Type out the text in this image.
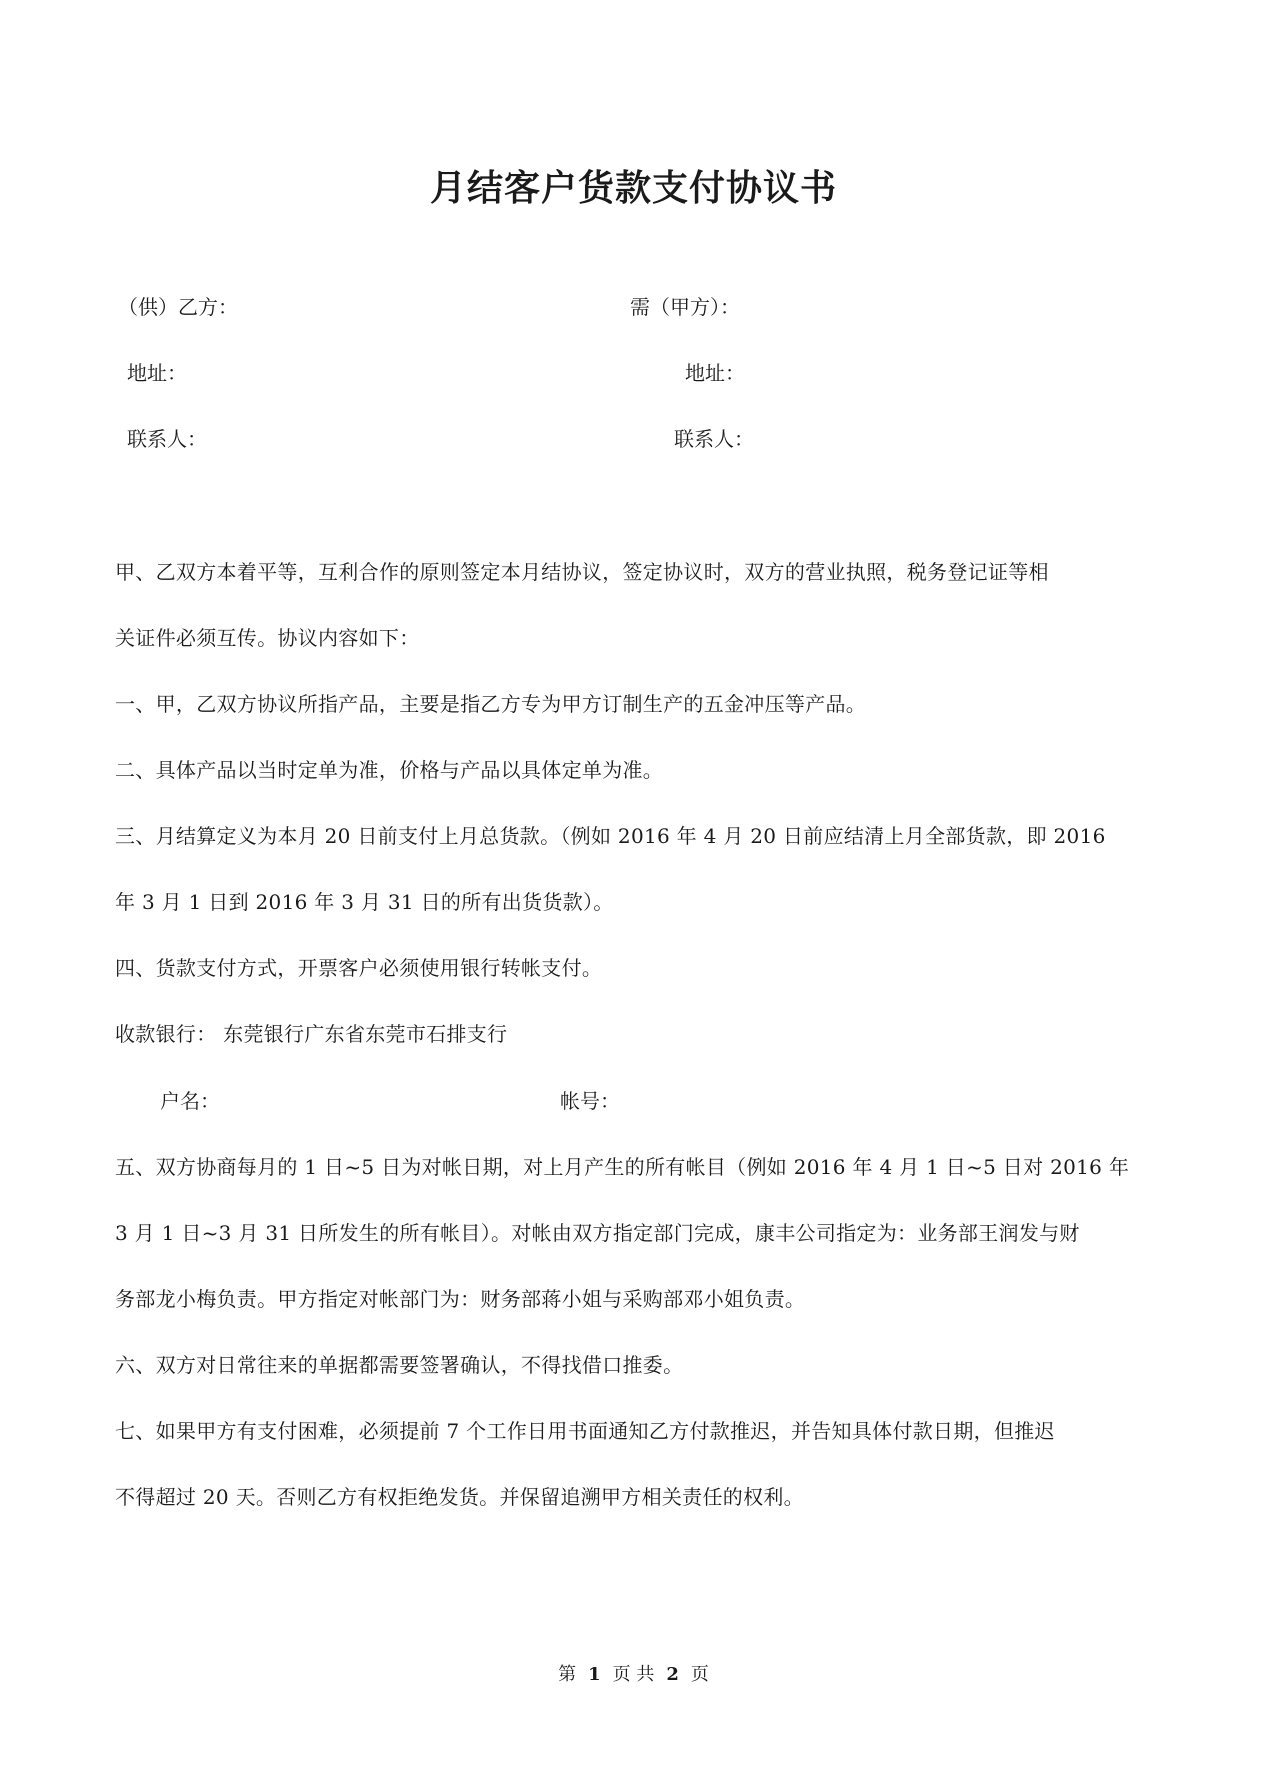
月结客户货款支付协议书
（供）乙方：	需（甲方）：
地址：	地址：
联系人：	联系人：
甲、乙双方本着平等，互利合作的原则签定本月结协议，签定协议时，双方的营业执照，税务登记证等相
关证件必须互传。协议内容如下：
一、甲，乙双方协议所指产品，主要是指乙方专为甲方订制生产的五金冲压等产品。
二、具体产品以当时定单为准，价格与产品以具体定单为准。
三、月结算定义为本月 20 日前支付上月总货款。（例如 2016 年 4 月 20 日前应结清上月全部货款，即 2016
年 3 月 1 日到 2016 年 3 月 31 日的所有出货货款）。
四、货款支付方式，开票客户必须使用银行转帐支付。
收款银行： 东莞银行广东省东莞市石排支行
户名：	帐号：
五、双方协商每月的 1 日~5 日为对帐日期，对上月产生的所有帐目（例如 2016 年 4 月 1 日~5 日对 2016 年
3 月 1 日~3 月 31 日所发生的所有帐目）。对帐由双方指定部门完成，康丰公司指定为：业务部王润发与财
务部龙小梅负责。甲方指定对帐部门为：财务部蒋小姐与采购部邓小姐负责。
六、双方对日常往来的单据都需要签署确认，不得找借口推委。
七、如果甲方有支付困难，必须提前 7 个工作日用书面通知乙方付款推迟，并告知具体付款日期，但推迟
不得超过 20 天。否则乙方有权拒绝发货。并保留追溯甲方相关责任的权利。
第 1 页 共 2 页
